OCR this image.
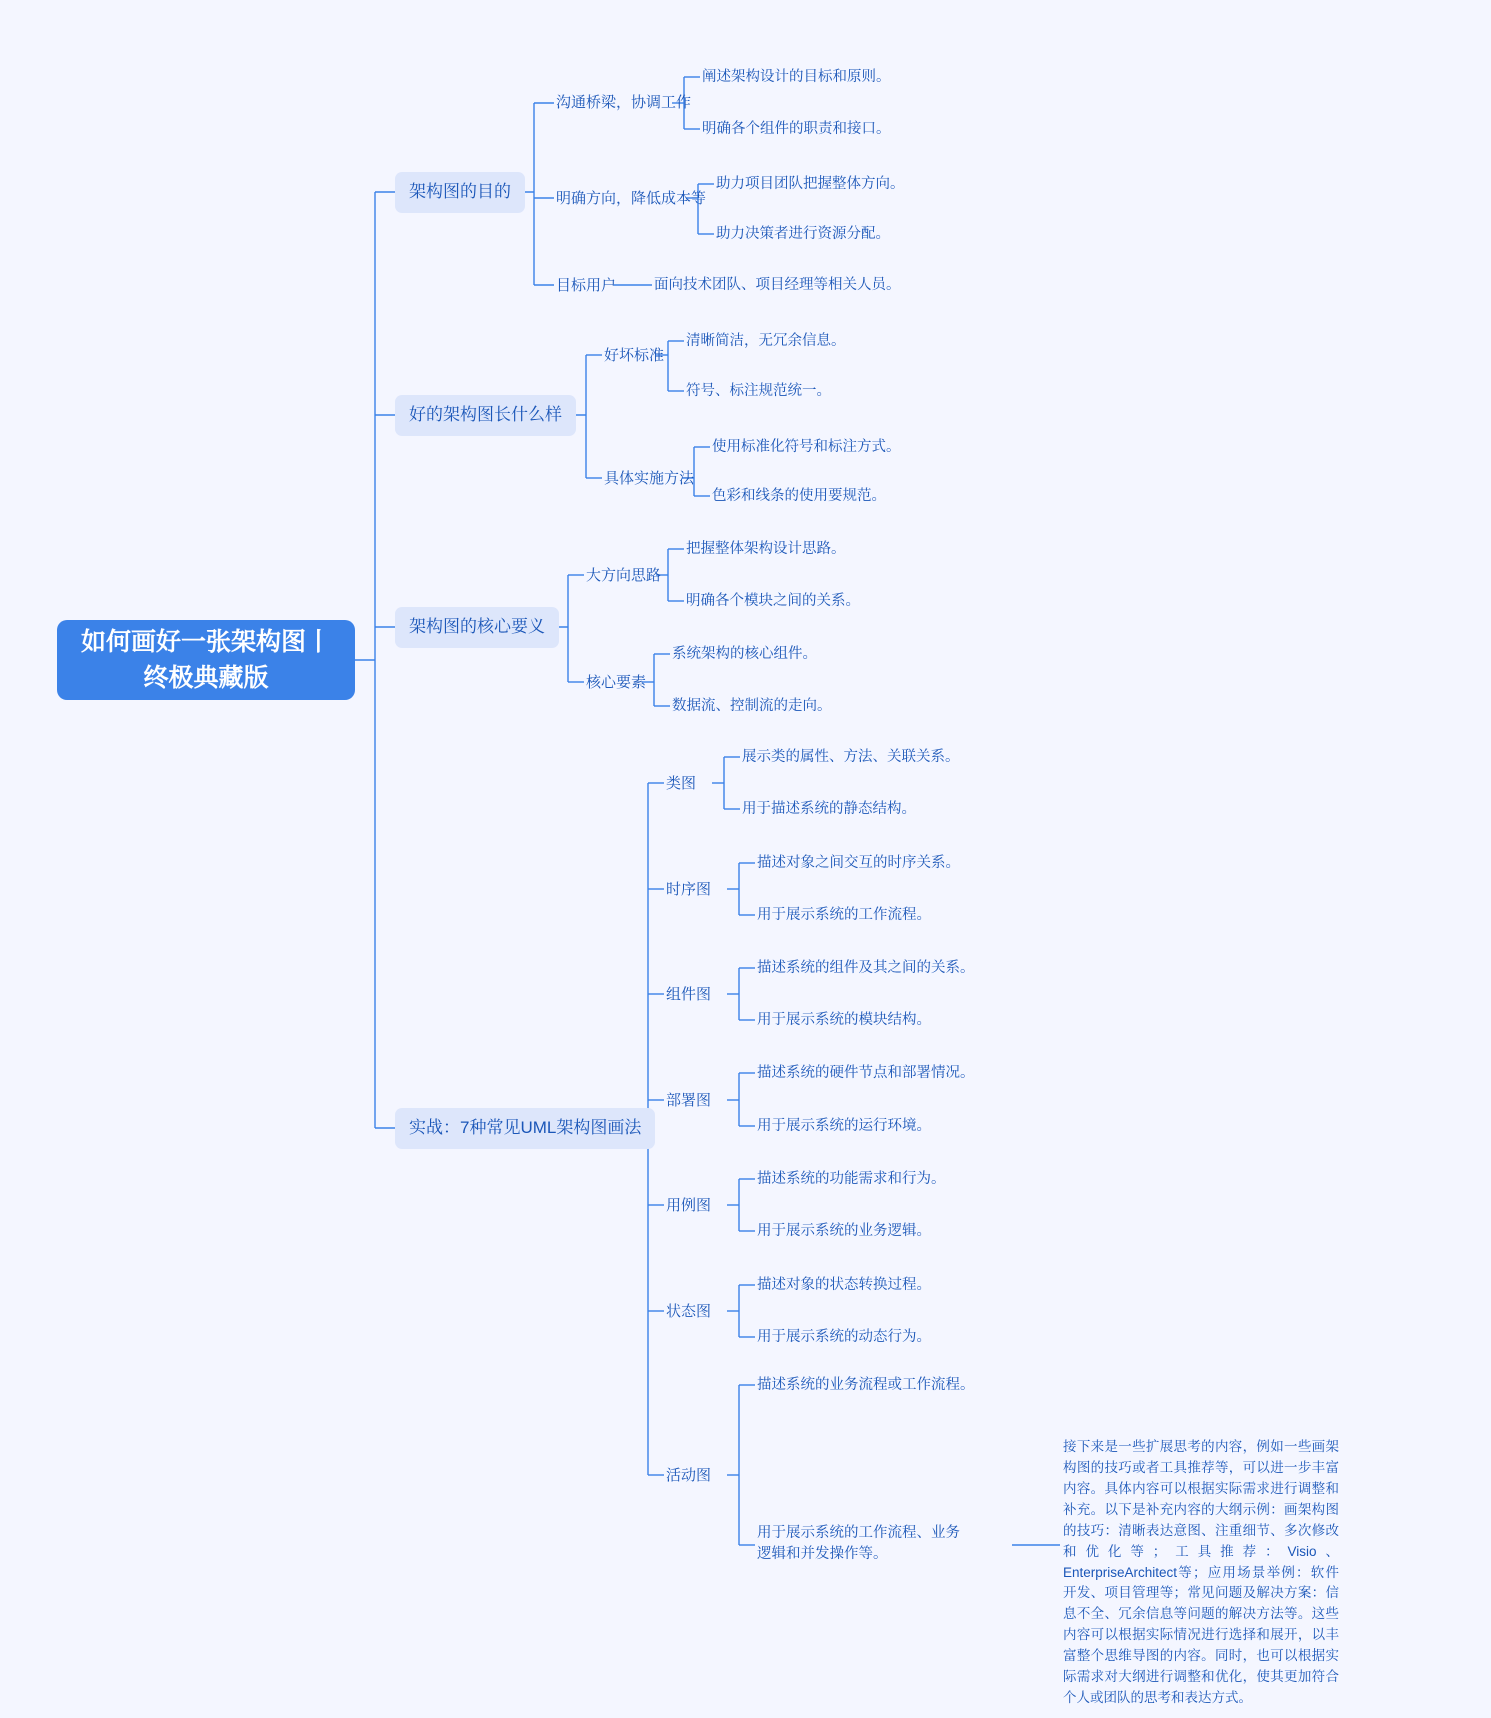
如何画好一张架构图丨终极典藏版
架构图的目的
好的架构图长什么样
架构图的核心要义
实战：7种常见UML架构图画法
沟通桥梁，协调工作
阐述架构设计的目标和原则。
明确各个组件的职责和接口。
明确方向，降低成本等
助力项目团队把握整体方向。
助力决策者进行资源分配。
目标用户	面向技术团队、项目经理等相关人员。
好坏标准
清晰简洁，无冗余信息。
符号、标注规范统一。
具体实施方法
使用标准化符号和标注方式。
色彩和线条的使用要规范。
大方向思路
把握整体架构设计思路。
明确各个模块之间的关系。
核心要素
系统架构的核心组件。
数据流、控制流的走向。
类图
展示类的属性、方法、关联关系。
用于描述系统的静态结构。
时序图
描述对象之间交互的时序关系。
用于展示系统的工作流程。
组件图
描述系统的组件及其之间的关系。
用于展示系统的模块结构。
部署图
描述系统的硬件节点和部署情况。
用于展示系统的运行环境。
用例图
描述系统的功能需求和行为。
用于展示系统的业务逻辑。
状态图
描述对象的状态转换过程。
用于展示系统的动态行为。
活动图
描述系统的业务流程或工作流程。
用于展示系统的工作流程、业务逻辑和并发操作等。
接下来是一些扩展思考的内容，例如一些画架构图的技巧或者工具推荐等，可以进一步丰富内容。具体内容可以根据实际需求进行调整和补充。以下是补充内容的大纲示例：画架构图的技巧：清晰表达意图、注重细节、多次修改和优化等；工具推荐：Visio、EnterpriseArchitect等；应用场景举例：软件开发、项目管理等；常见问题及解决方案：信息不全、冗余信息等问题的解决方法等。这些内容可以根据实际情况进行选择和展开，以丰富整个思维导图的内容。同时，也可以根据实际需求对大纲进行调整和优化，使其更加符合个人或团队的思考和表达方式。
